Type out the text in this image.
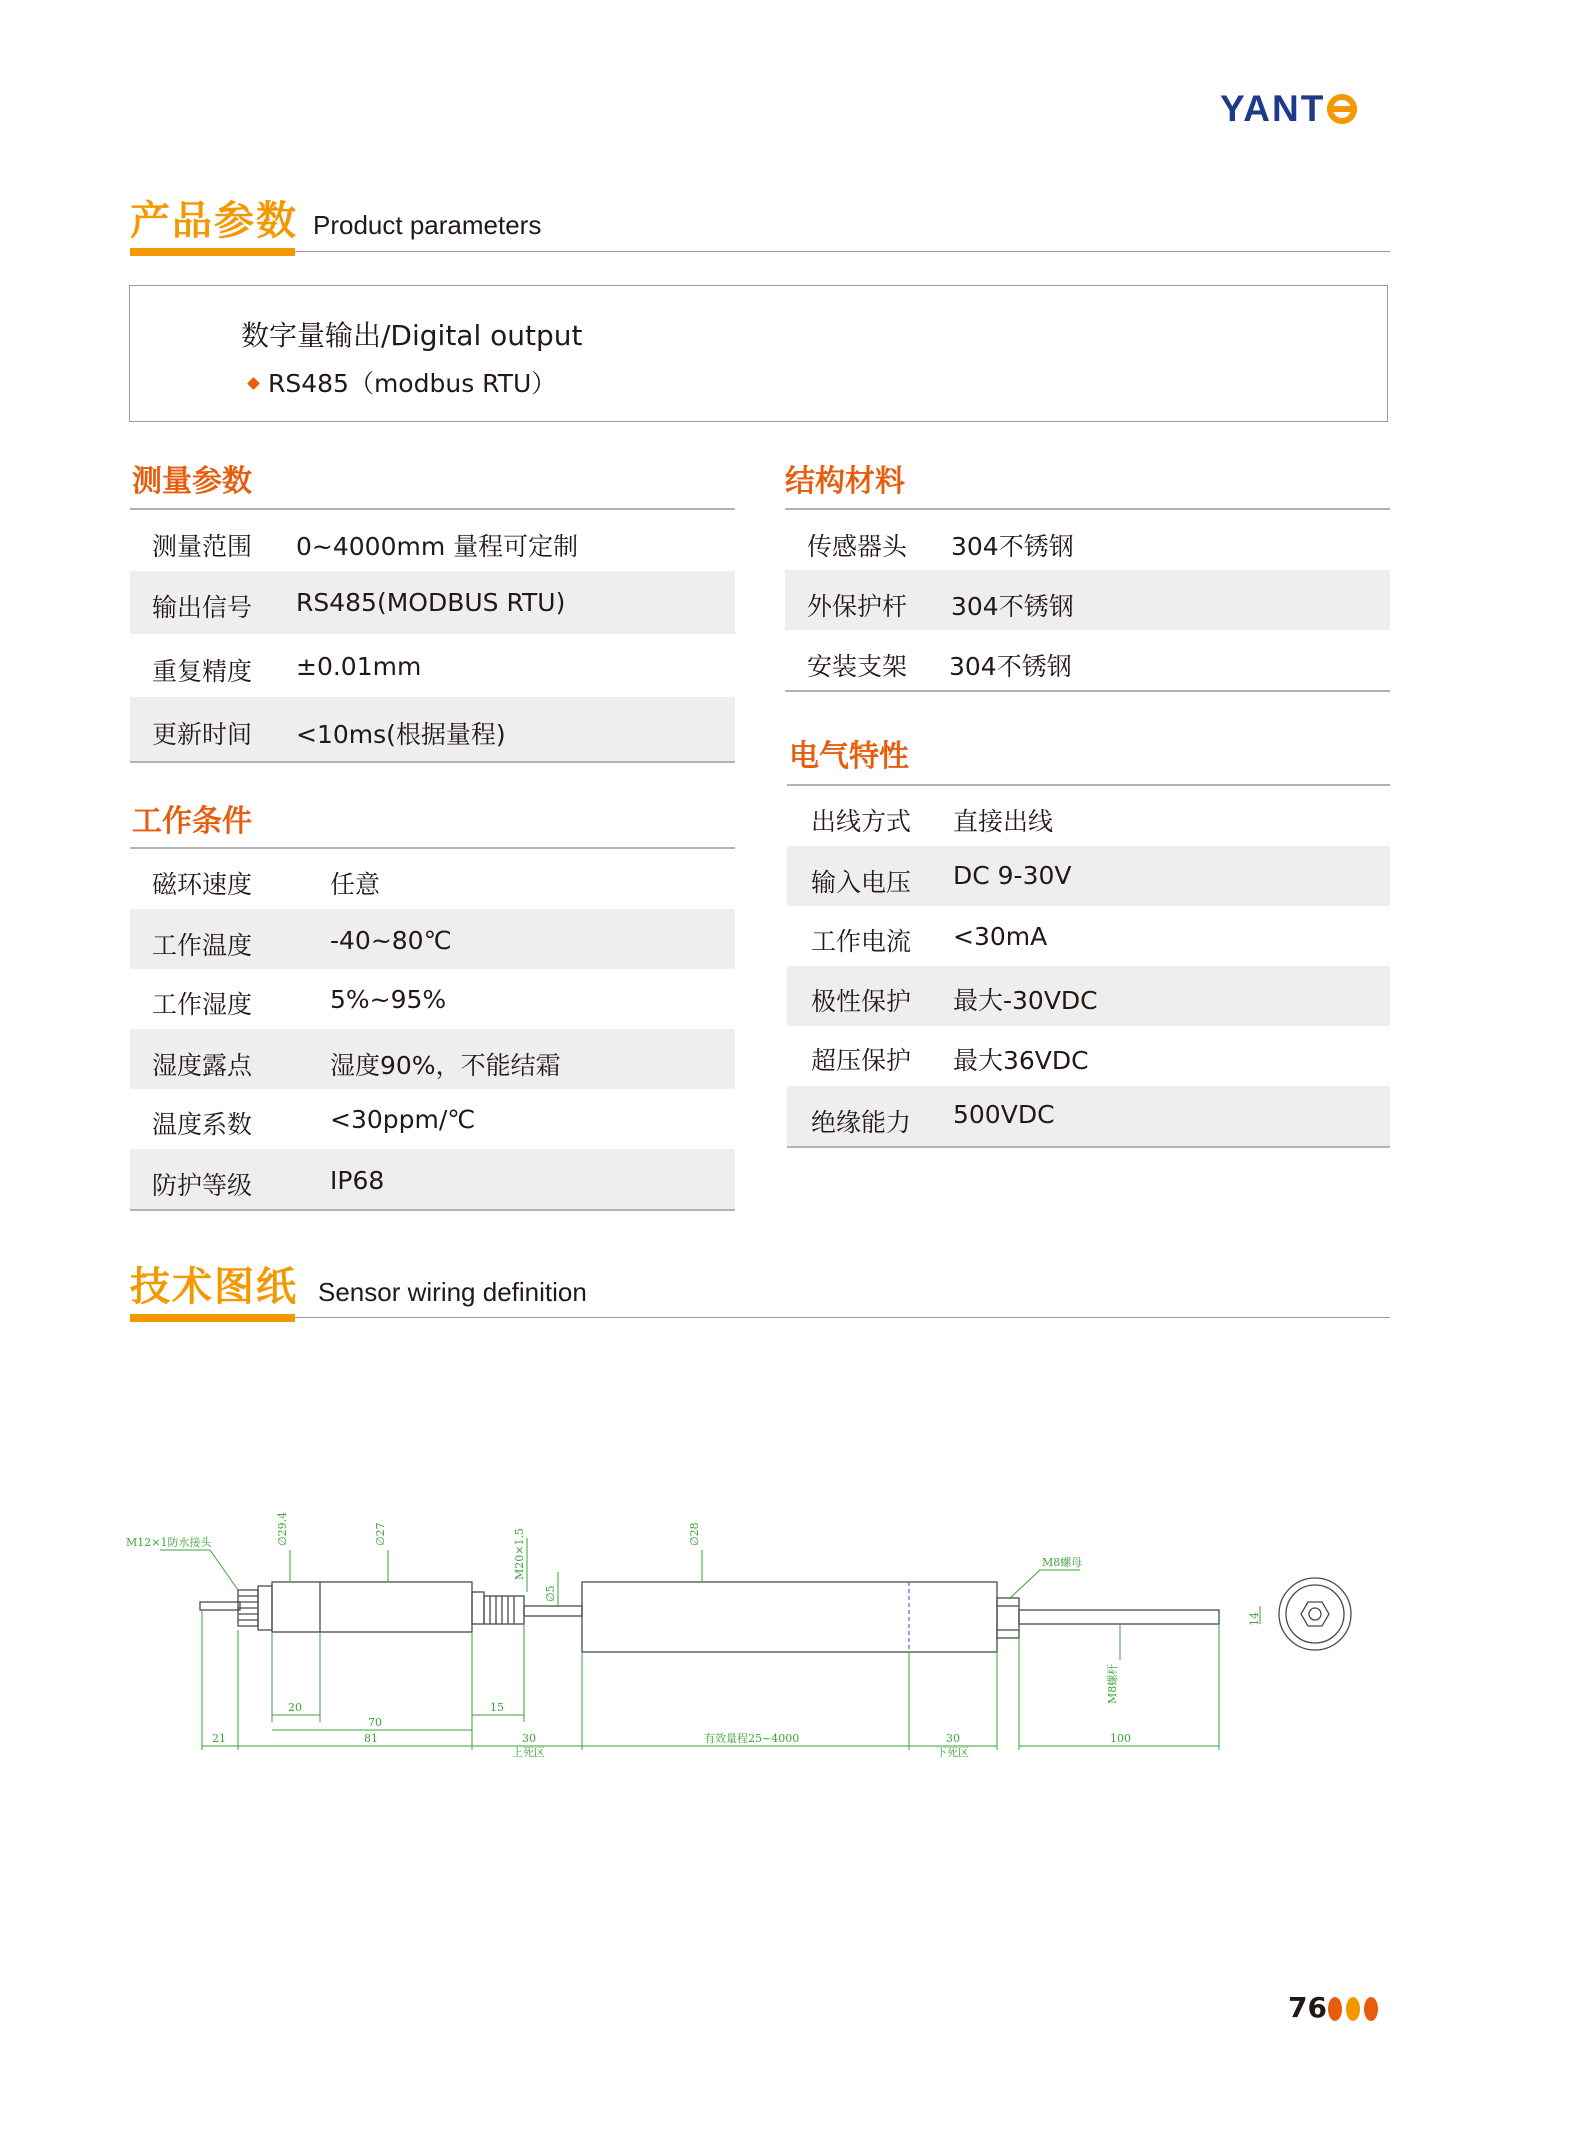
YANT
产品参数 Product parameters
数字量输出/Digital output
RS485（modbus RTU）
测量参数
测量范围 0~4000mm 量程可定制
输出信号 RS485(MODBUS RTU)
重复精度 ±0.01mm
更新时间 <10ms(根据量程)
工作条件
磁环速度	任意
工作温度	-40~80℃
工作湿度	5%~95%
湿度露点	湿度90%，不能结霜
温度系数	<30ppm/℃
防护等级	IP68
结构材料
传感器头 304不锈钢
外保护杆 304不锈钢
安装支架 304不锈钢
电气特性
出线方式 直接出线
输入电压 DC 9-30V
工作电流 <30mA
极性保护 最大-30VDC
超压保护 最大36VDC
绝缘能力 500VDC
技术图纸 Sensor wiring definition
M12×1防水接头	∅29.4	∅27	M20×1.5
∅5
∅28
M8螺母
M8螺杆
14
20
70
15
21	81	30
上死区
有效量程25~4000	30
下死区
100
76
